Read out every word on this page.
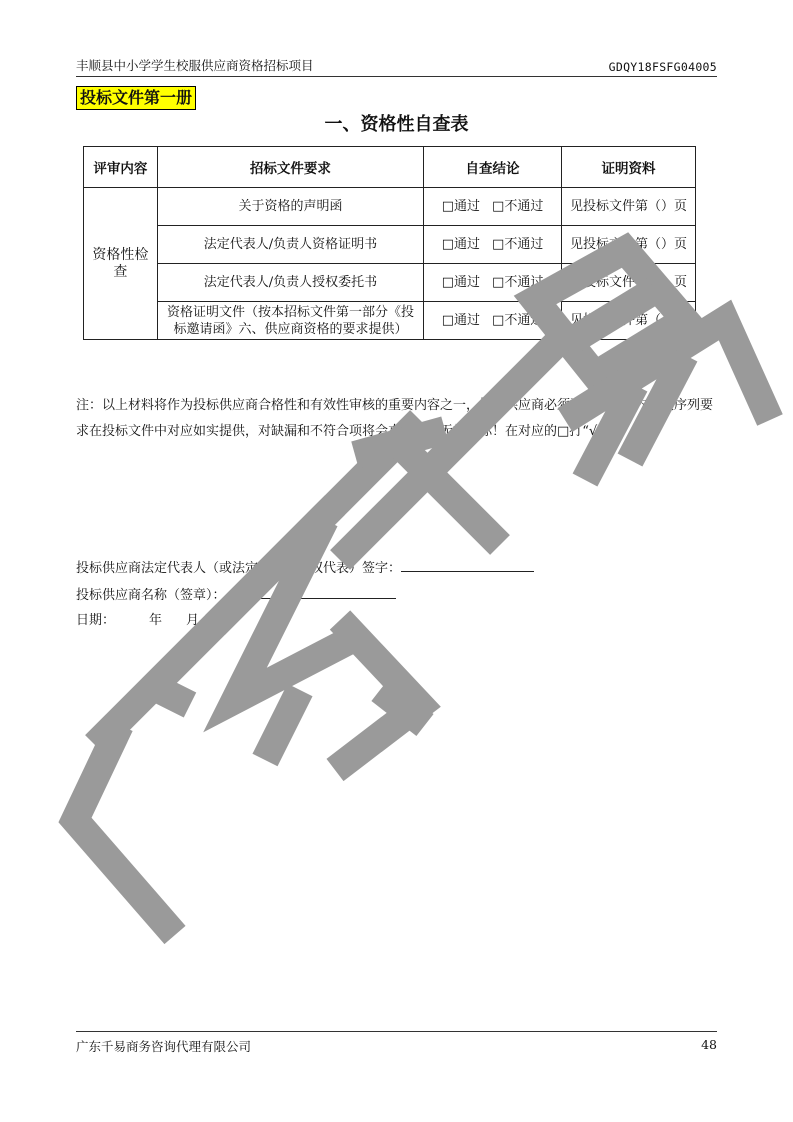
丰顺县中小学学生校服供应商资格招标项目	GDQY18FSFG04005
投标文件第一册
一、资格性自查表
评审内容	招标文件要求	自查结论	证明资料
资格性检查	关于资格的声明函	□通过 □不通过	见投标文件第（）页
	法定代表人/负责人资格证明书	□通过 □不通过	见投标文件第（）页
	法定代表人/负责人授权委托书	□通过 □不通过	见投标文件第（）页
	资格证明文件（按本招标文件第一部分《投标邀请函》六、供应商资格的要求提供）	□通过 □不通过	见投标文件第（）页
注：以上材料将作为投标供应商合格性和有效性审核的重要内容之一，投标供应商必须严格按照其内容及序列要求在投标文件中对应如实提供，对缺漏和不符合项将会直接导致无效投标！在对应的□打“√”。
投标供应商法定代表人（或法定代表人授权代表）签字：
投标供应商名称（签章）：
日期：	年 月 日
广东千易商务咨询代理有限公司	48
